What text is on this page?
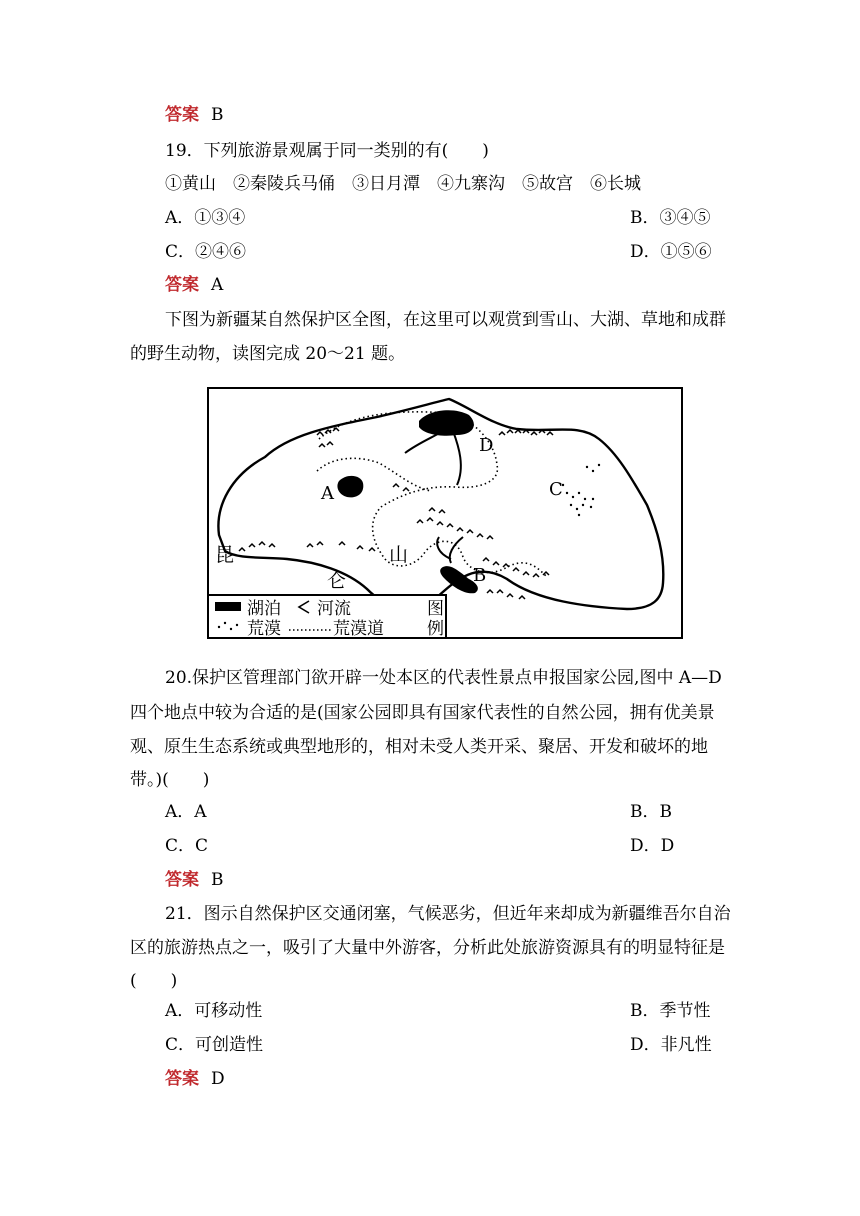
答案 B
19．下列旅游景观属于同一类别的有(　　)
①黄山　②秦陵兵马俑　③日月潭　④九寨沟　⑤故宫　⑥长城
A．①③④	B．③④⑤
C．②④⑥	D．①⑤⑥
答案 A
下图为新疆某自然保护区全图，在这里可以观赏到雪山、大湖、草地和成群
的野生动物，读图完成 20～21 题。
D
A	C
B
昆
仑
山
湖泊 河流	图
荒漠	荒漠道	例
20.保护区管理部门欲开辟一处本区的代表性景点申报国家公园,图中 A—D
四个地点中较为合适的是(国家公园即具有国家代表性的自然公园，拥有优美景
观、原生生态系统或典型地形的，相对未受人类开采、聚居、开发和破坏的地
带。)(　　)
A．A	B．B
C．C	D．D
答案 B
21．图示自然保护区交通闭塞，气候恶劣，但近年来却成为新疆维吾尔自治
区的旅游热点之一，吸引了大量中外游客，分析此处旅游资源具有的明显特征是
(　　)
A．可移动性	B．季节性
C．可创造性	D．非凡性
答案 D
